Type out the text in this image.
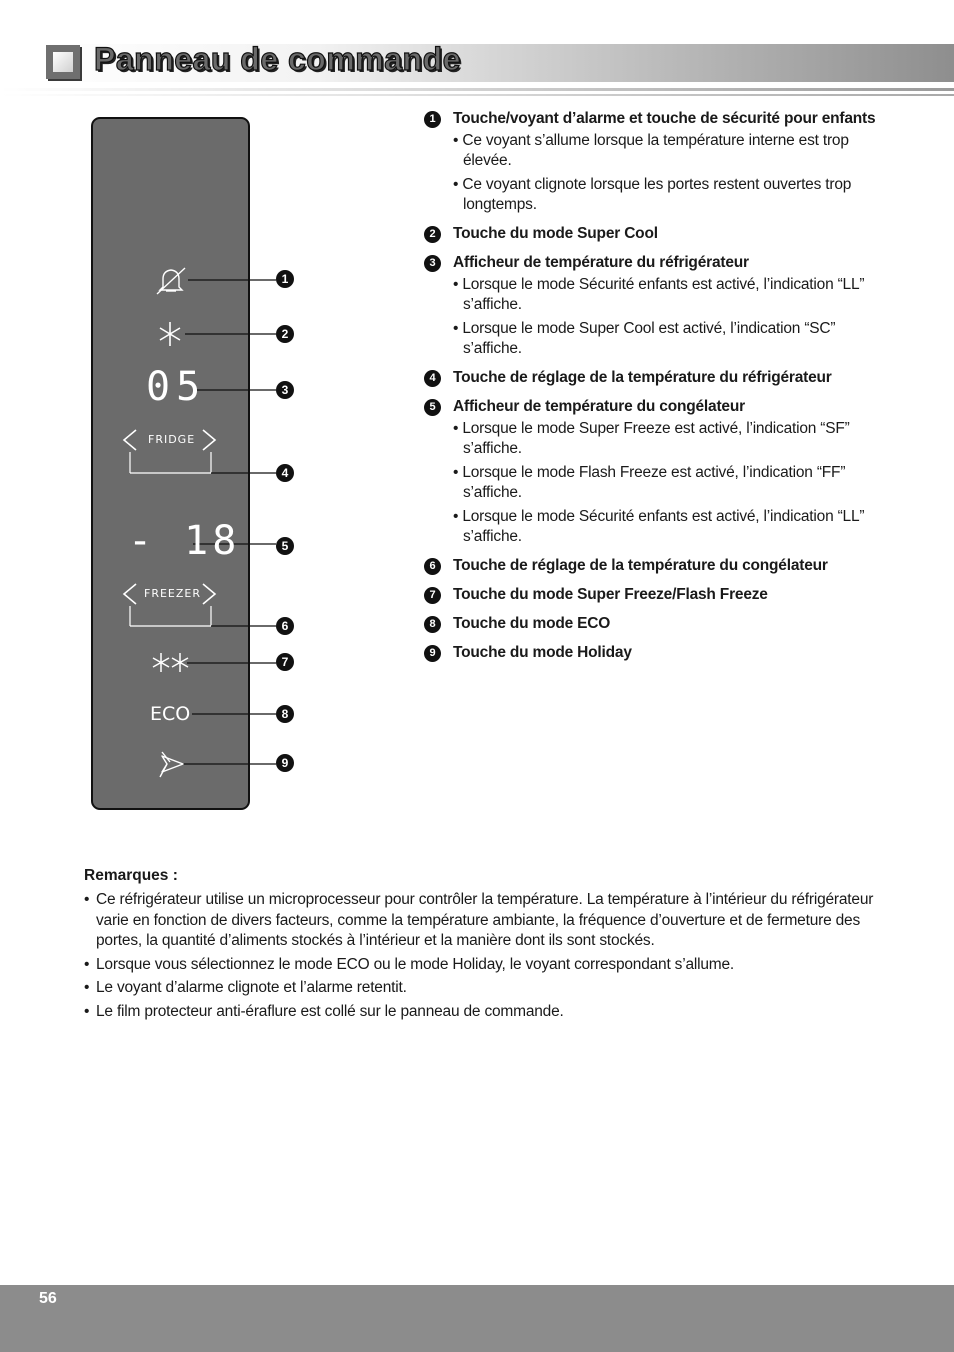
Panneau de commande
05
- 18
FRIDGE
FREEZER
ECO
1
2
3
4
5
6
7
8
9
1	Touche/voyant d’alarme et touche de sécurité pour enfants
• Ce voyant s’allume lorsque la température interne est trop élevée.
• Ce voyant clignote lorsque les portes restent ouvertes trop longtemps.
2	Touche du mode Super Cool
3	Afficheur de température du réfrigérateur
• Lorsque le mode Sécurité enfants est activé, l’indication “LL” s’affiche.
• Lorsque le mode Super Cool est activé, l’indication “SC” s’affiche.
4	Touche de réglage de la température du réfrigérateur
5	Afficheur de température du congélateur
• Lorsque le mode Super Freeze est activé, l’indication “SF” s’affiche.
• Lorsque le mode Flash Freeze est activé, l’indication “FF” s’affiche.
• Lorsque le mode Sécurité enfants est activé, l’indication “LL” s’affiche.
6	Touche de réglage de la température du congélateur
7	Touche du mode Super Freeze/Flash Freeze
8	Touche du mode ECO
9	Touche du mode Holiday
Remarques :
• Ce réfrigérateur utilise un microprocesseur pour contrôler la température. La température à l’intérieur du réfrigérateur varie en fonction de divers facteurs, comme la température ambiante, la fréquence d’ouverture et de fermeture des portes, la quantité d’aliments stockés à l’intérieur et la manière dont ils sont stockés.
• Lorsque vous sélectionnez le mode ECO ou le mode Holiday, le voyant correspondant s’allume.
• Le voyant d’alarme clignote et l’alarme retentit.
• Le film protecteur anti-éraflure est collé sur le panneau de commande.
56
